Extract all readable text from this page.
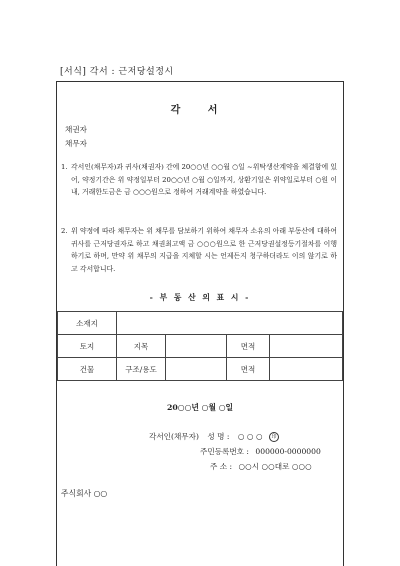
[서식] 각서 : 근저당설정시
각 서
채권자
채무자
1. 각서인(채무자)과 귀사(채권자) 간에 20○○년 ○○월 ○일 ~위탁생산계약을 체결함에 있어, 약정기간은 위 약정일부터 20○○년 ○월 ○일까지, 상환기일은 위약일로부터 ○원 이내, 거래한도금은 금 ○○○원으로 정하여 거래계약을 하였습니다.
2. 위 약정에 따라 채무자는 위 채무를 담보하기 위하여 채무자 소유의 아래 부동산에 대하여 귀사를 근저당권자로 하고 채권최고액 금 ○○○원으로 한 근저당권설정등기절차를 이행하기로 하며, 만약 위 채무의 지급을 지체할 시는 언제든지 청구하더라도 이의 않기로 하고 각서합니다.
- 부 동 산 의 표 시 -
소재지				
토지	지목		면적	
건물	구조/용도		면적	
20○○년 ○월 ○일
각서인(채무자) 성 명 : ○ ○ ○ 印
주민등록번호 : 000000-0000000
주 소 : ○○시 ○○대로 ○○○
주식회사 ○○
